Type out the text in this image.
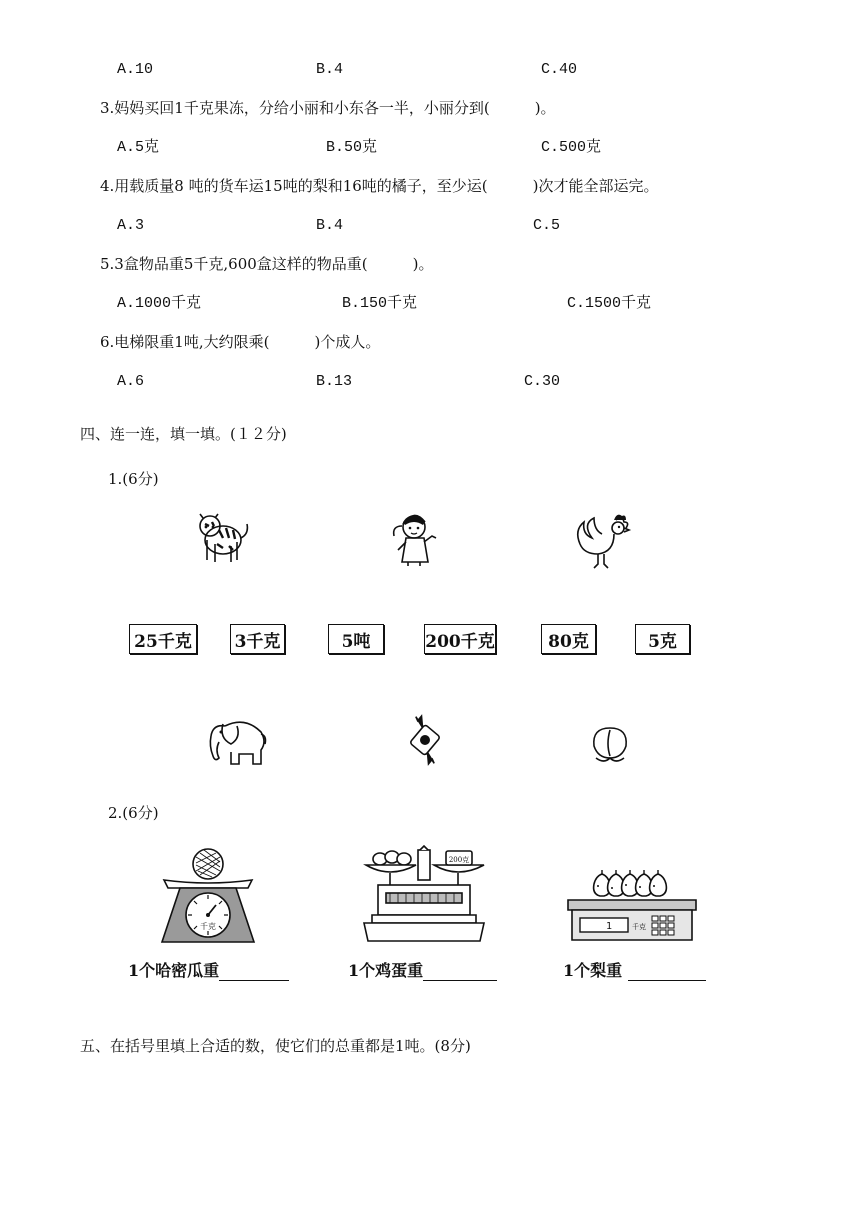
A.10	B.4	C.40
3.妈妈买回1千克果冻，分给小丽和小东各一半，小丽分到(　　　)。
A.5克	B.50克	C.500克
4.用载质量8 吨的货车运15吨的梨和16吨的橘子，至少运(　　　)次才能全部运完。
A.3	B.4	C.5
5.3盒物品重5千克,600盒这样的物品重(　　　)。
A.1000千克	B.150千克	C.1500千克
6.电梯限重1吨,大约限乘(　　　)个成人。
A.6	B.13	C.30
四、连一连，填一填。(１２分)
1.(6分)
25千克	3千克	5吨	200千克	80克	5克
2.(6分)
千克
200克
1	千克
1个哈密瓜重	1个鸡蛋重	1个梨重
五、在括号里填上合适的数，使它们的总重都是1吨。(8分)
